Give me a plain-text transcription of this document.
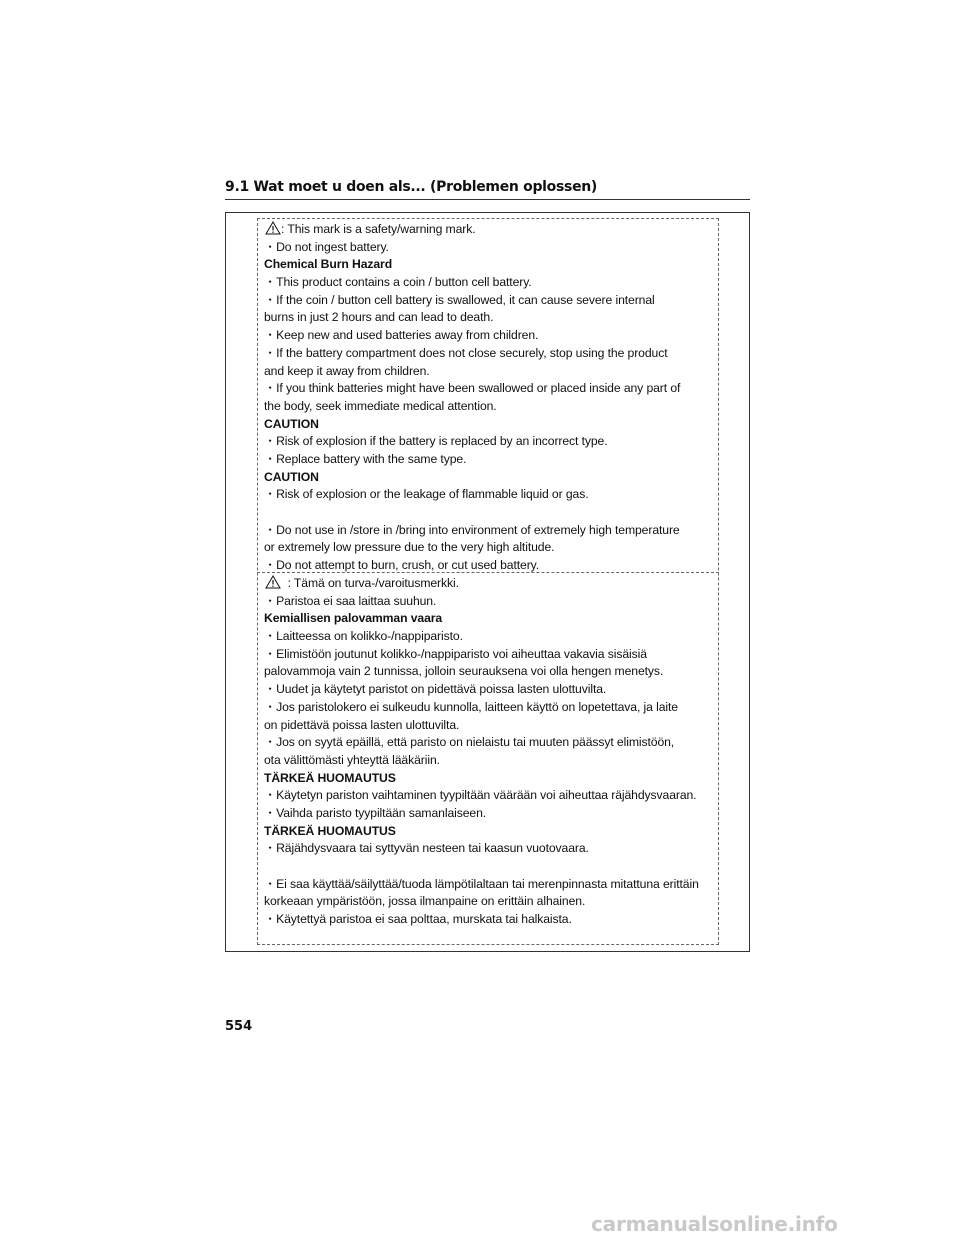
9.1 Wat moet u doen als... (Problemen oplossen)
: This mark is a safety/warning mark.
・ Do not ingest battery.
Chemical Burn Hazard
・ This product contains a coin / button cell battery.
・ If the coin / button cell battery is swallowed, it can cause severe internal
burns in just 2 hours and can lead to death.
・ Keep new and used batteries away from children.
・ If the battery compartment does not close securely, stop using the product
and keep it away from children.
・ If you think batteries might have been swallowed or placed inside any part of
the body, seek immediate medical attention.
CAUTION
・ Risk of explosion if the battery is replaced by an incorrect type.
・ Replace battery with the same type.
CAUTION
・ Risk of explosion or the leakage of flammable liquid or gas.
・ Do not use in /store in /bring into environment of extremely high temperature
or extremely low pressure due to the very high altitude.
・ Do not attempt to burn, crush, or cut used battery.
: Tämä on turva-/varoitusmerkki.
・ Paristoa ei saa laittaa suuhun.
Kemiallisen palovamman vaara
・ Laitteessa on kolikko-/nappiparisto.
・ Elimistöön joutunut kolikko-/nappiparisto voi aiheuttaa vakavia sisäisiä
palovammoja vain 2 tunnissa, jolloin seurauksena voi olla hengen menetys.
・ Uudet ja käytetyt paristot on pidettävä poissa lasten ulottuvilta.
・ Jos paristolokero ei sulkeudu kunnolla, laitteen käyttö on lopetettava, ja laite
on pidettävä poissa lasten ulottuvilta.
・ Jos on syytä epäillä, että paristo on nielaistu tai muuten päässyt elimistöön,
ota välittömästi yhteyttä lääkäriin.
TÄRKEÄ HUOMAUTUS
・ Käytetyn pariston vaihtaminen tyypiltään väärään voi aiheuttaa räjähdysvaaran.
・ Vaihda paristo tyypiltään samanlaiseen.
TÄRKEÄ HUOMAUTUS
・ Räjähdysvaara tai syttyvän nesteen tai kaasun vuotovaara.
・ Ei saa käyttää/säilyttää/tuoda lämpötilaltaan tai merenpinnasta mitattuna erittäin
korkeaan ympäristöön, jossa ilmanpaine on erittäin alhainen.
・ Käytettyä paristoa ei saa polttaa, murskata tai halkaista.
554
carmanualsonline.info
